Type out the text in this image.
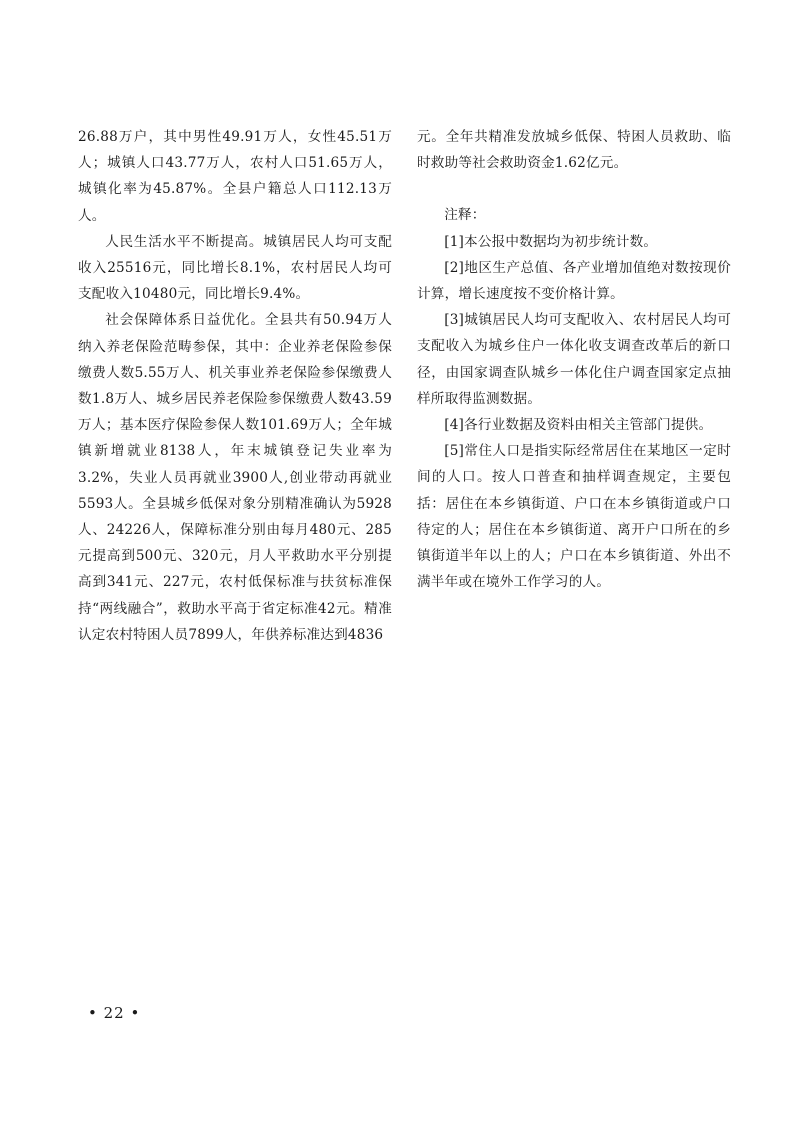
26.88万户，其中男性49.91万人，女性45.51万人；城镇人口43.77万人，农村人口51.65万人，城镇化率为45.87%。全县户籍总人口112.13万人。

人民生活水平不断提高。城镇居民人均可支配收入25516元，同比增长8.1%，农村居民人均可支配收入10480元，同比增长9.4%。

社会保障体系日益优化。全县共有50.94万人纳入养老保险范畴参保，其中：企业养老保险参保缴费人数5.55万人、机关事业养老保险参保缴费人数1.8万人、城乡居民养老保险参保缴费人数43.59万人；基本医疗保险参保人数101.69万人；全年城镇新增就业8138人，年末城镇登记失业率为3.2%，失业人员再就业3900人,创业带动再就业5593人。全县城乡低保对象分别精准确认为5928人、24226人，保障标准分别由每月480元、285元提高到500元、320元，月人平救助水平分别提高到341元、227元，农村低保标准与扶贫标准保持“两线融合”，救助水平高于省定标准42元。精准认定农村特困人员7899人，年供养标准达到4836

元。全年共精准发放城乡低保、特困人员救助、临时救助等社会救助资金1.62亿元。

注释：

[1]本公报中数据均为初步统计数。

[2]地区生产总值、各产业增加值绝对数按现价计算，增长速度按不变价格计算。

[3]城镇居民人均可支配收入、农村居民人均可支配收入为城乡住户一体化收支调查改革后的新口径，由国家调查队城乡一体化住户调查国家定点抽样所取得监测数据。

[4]各行业数据及资料由相关主管部门提供。

[5]常住人口是指实际经常居住在某地区一定时间的人口。按人口普查和抽样调查规定，主要包括：居住在本乡镇街道、户口在本乡镇街道或户口待定的人；居住在本乡镇街道、离开户口所在的乡镇街道半年以上的人；户口在本乡镇街道、外出不满半年或在境外工作学习的人。

• 22 •
